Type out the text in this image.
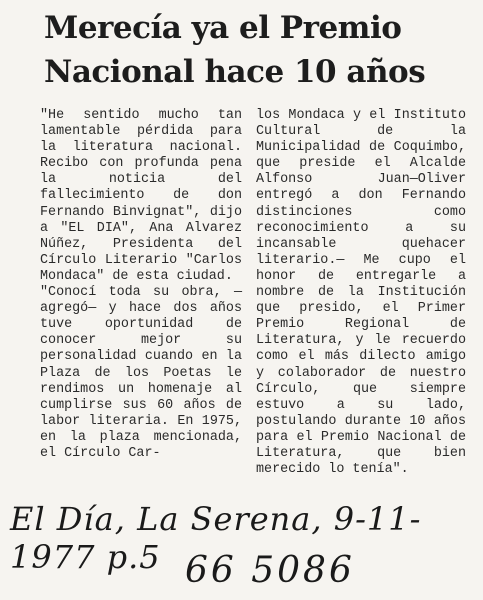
Merecía ya el Premio Nacional hace 10 años

"He sentido mucho tan lamentable pérdida para la literatura nacional. Recibo con profunda pena la noticia del fallecimiento de don Fernando Binvignat", dijo a "EL DIA", Ana Alvarez Núñez, Presidenta del Círculo Literario "Carlos Mondaca" de esta ciudad.
"Conocí toda su obra, —agregó— y hace dos años tuve oportunidad de conocer mejor su personalidad cuando en la Plaza de los Poetas le rendimos un homenaje al cumplirse sus 60 años de labor literaria. En 1975, en la plaza mencionada, el Círculo Car-

los Mondaca y el Instituto Cultural de la Municipalidad de Coquimbo, que preside el Alcalde Alfonso Juan—Oliver entregó a don Fernando distinciones como reconocimiento a su incansable quehacer literario.— Me cupo el honor de entregarle a nombre de la Institución que presido, el Primer Premio Regional de Literatura, y le recuerdo como el más dilecto amigo y colaborador de nuestro Círculo, que siempre estuvo a su lado, postulando durante 10 años para el Premio Nacional de Literatura, que bien merecido lo tenía".

El Día, La Serena, 9-11-1977 p.5 66 5086
